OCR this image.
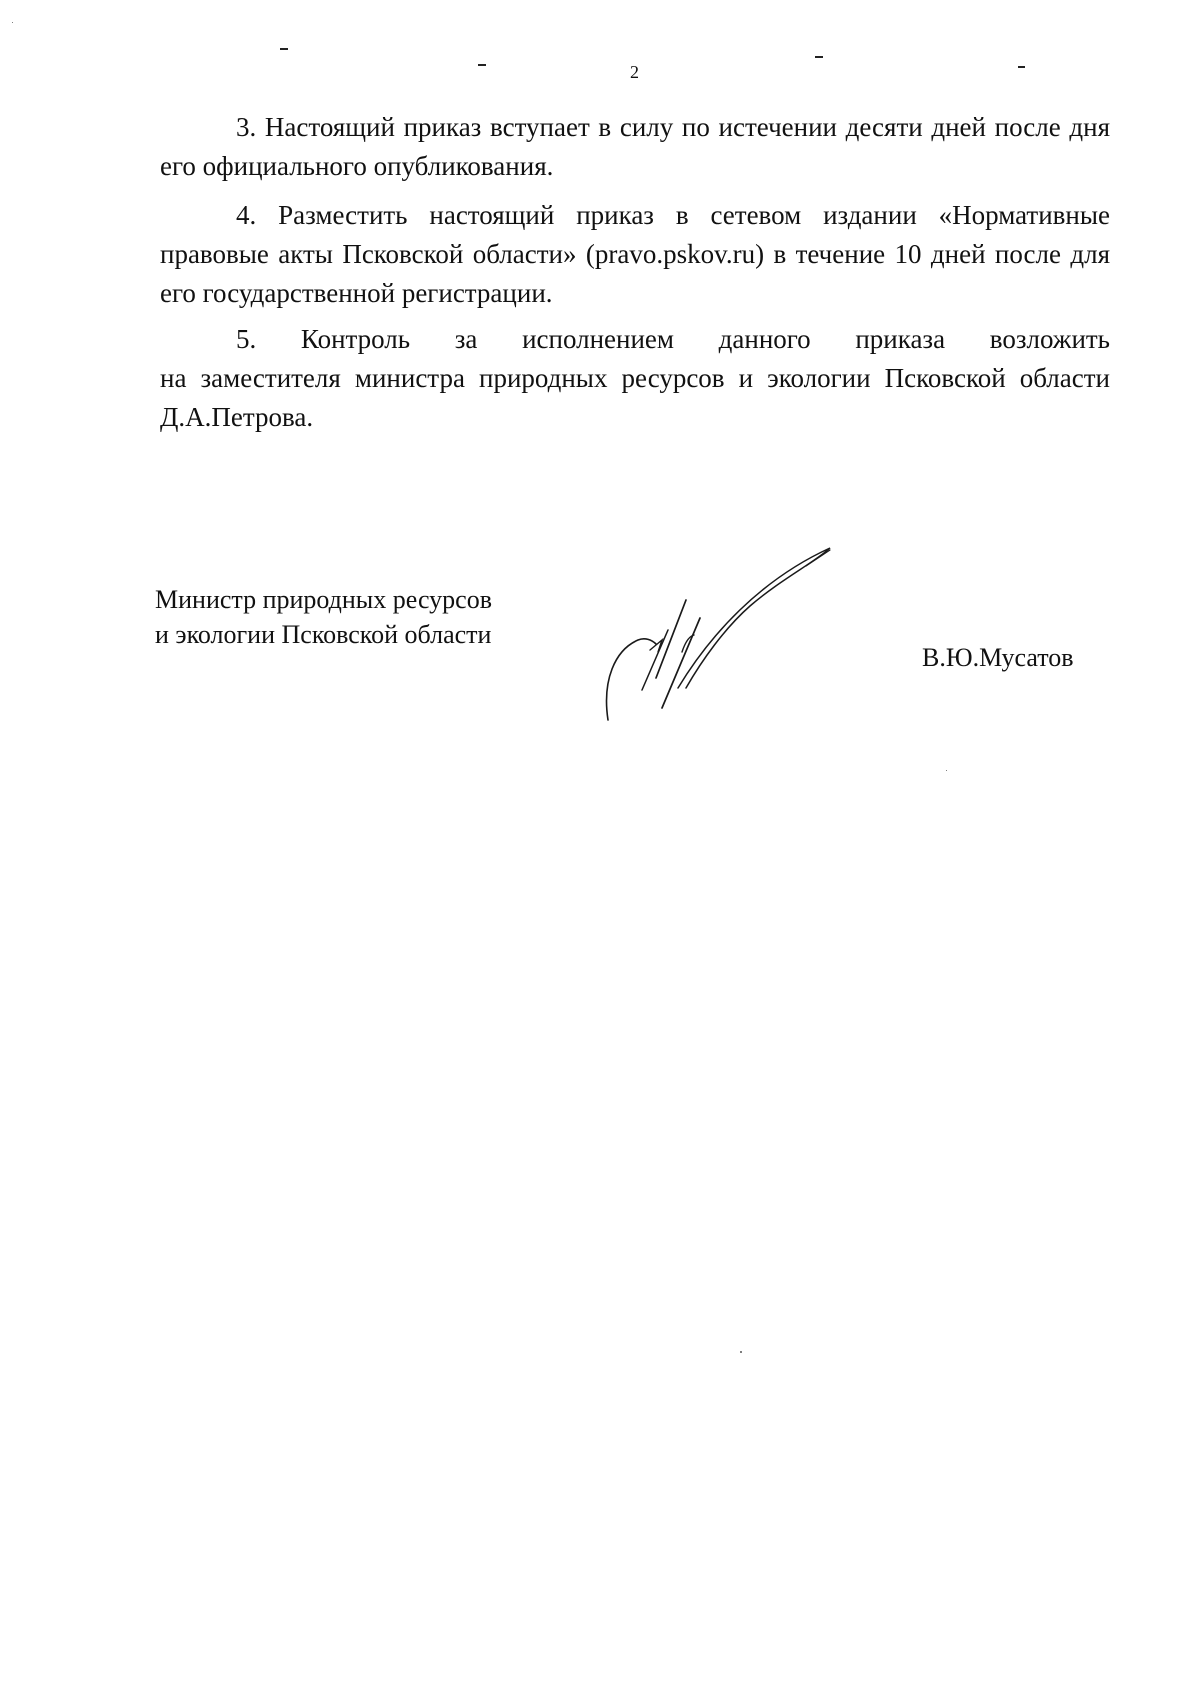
2

3. Настоящий приказ вступает в силу по истечении десяти дней после дня его официального опубликования.

4. Разместить настоящий приказ в сетевом издании «Нормативные правовые акты Псковской области» (pravo.pskov.ru) в течение 10 дней после для его государственной регистрации.

5. Контроль за исполнением данного приказа возложить
на заместителя министра природных ресурсов и экологии Псковской области Д.А.Петрова.

Министр природных ресурсов
и экологии Псковской области
В.Ю.Мусатов
